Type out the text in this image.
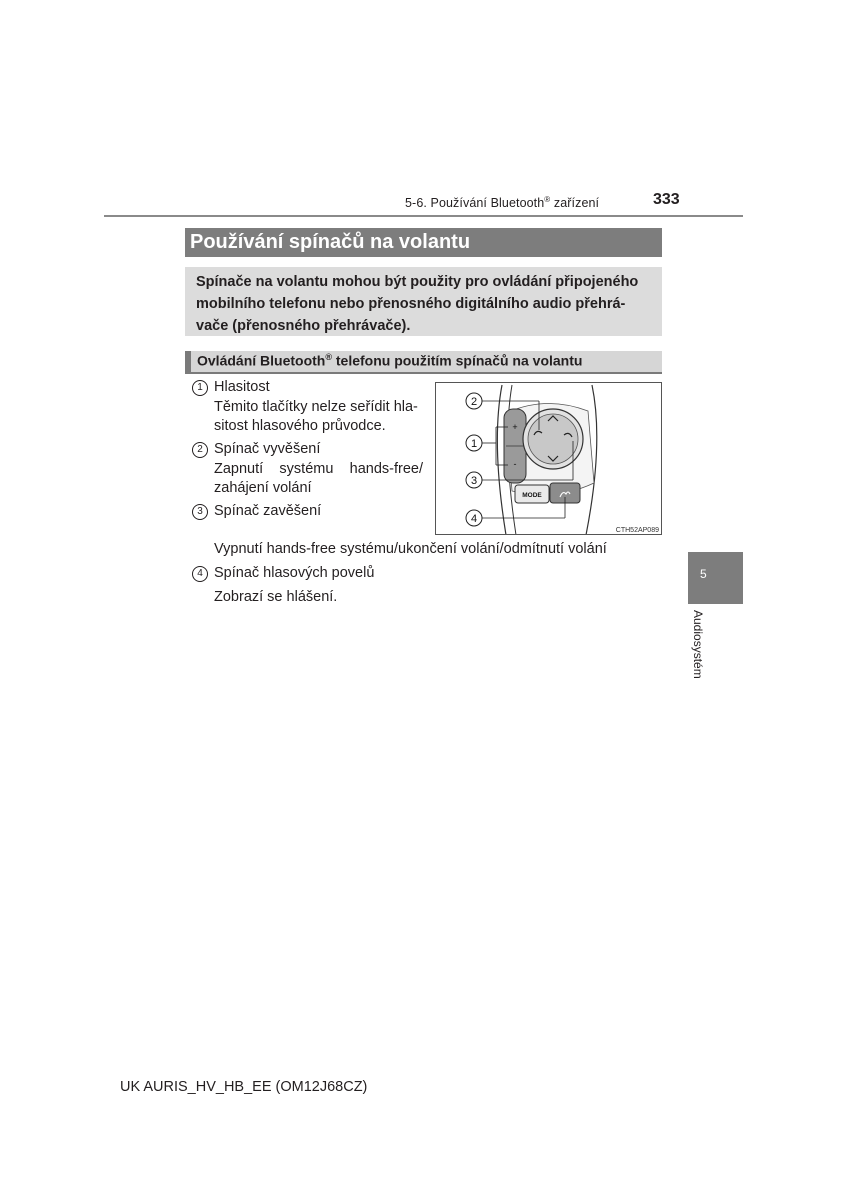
5-6. Používání Bluetooth® zařízení	333
Používání spínačů na volantu
Spínače na volantu mohou být použity pro ovládání připojeného
mobilního telefonu nebo přenosného digitálního audio přehrá-
vače (přenosného přehrávače).
Ovládání Bluetooth® telefonu použitím spínačů na volantu
1 Hlasitost
Těmito tlačítky nelze seřídit hla-
sitost hlasového průvodce.
2 Spínač vyvěšení
Zapnutí systému hands-free/
zahájení volání
3 Spínač zavěšení
Vypnutí hands-free systému/ukončení volání/odmítnutí volání
4 Spínač hlasových povelů
Zobrazí se hlášení.
+
-
MODE
2
1
3
4
CTH52AP089
5
Audiosystém
UK AURIS_HV_HB_EE (OM12J68CZ)
